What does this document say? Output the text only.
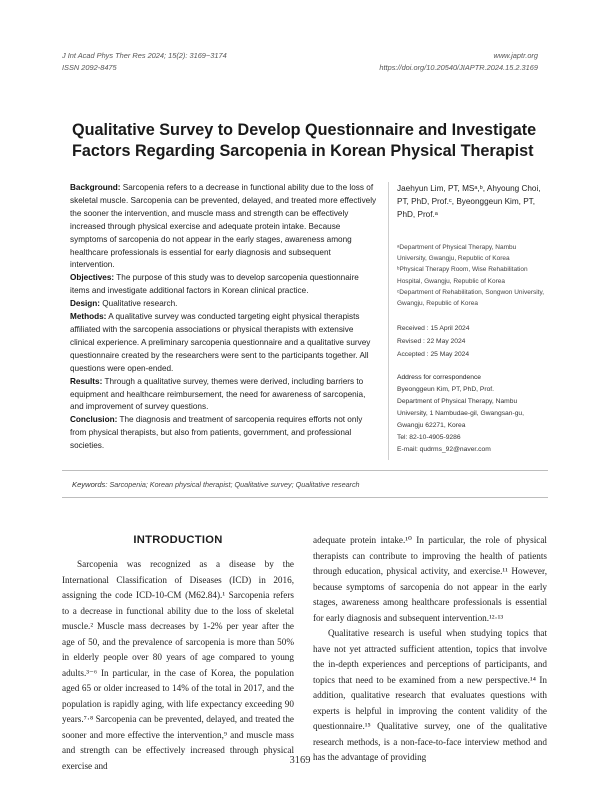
J Int Acad Phys Ther Res 2024; 15(2): 3169~3174
ISSN 2092-8475
www.japtr.org
https://doi.org/10.20540/JIAPTR.2024.15.2.3169
Qualitative Survey to Develop Questionnaire and Investigate Factors Regarding Sarcopenia in Korean Physical Therapist

Background: Sarcopenia refers to a decrease in functional ability due to the loss of skeletal muscle. Sarcopenia can be prevented, delayed, and treated more effectively the sooner the intervention, and muscle mass and strength can be effectively increased through physical exercise and adequate protein intake. Because symptoms of sarcopenia do not appear in the early stages, awareness among healthcare professionals is essential for early diagnosis and subsequent intervention.

Objectives: The purpose of this study was to develop sarcopenia questionnaire items and investigate additional factors in Korean clinical practice.

Design: Qualitative research.

Methods: A qualitative survey was conducted targeting eight physical therapists affiliated with the sarcopenia associations or physical therapists with extensive clinical experience. A preliminary sarcopenia questionnaire and a qualitative survey questionnaire created by the researchers were sent to the participants together. All questions were open-ended.

Results: Through a qualitative survey, themes were derived, including barriers to equipment and healthcare reimbursement, the need for awareness of sarcopenia, and improvement of survey questions.

Conclusion: The diagnosis and treatment of sarcopenia requires efforts not only from physical therapists, but also from patients, government, and professional societies.

Jaehyun Lim, PT, MSᵃ,ᵇ, Ahyoung Choi, PT, PhD, Prof.ᶜ, Byeonggeun Kim, PT, PhD, Prof.ᵃ

ᵃDepartment of Physical Therapy, Nambu University, Gwangju, Republic of Korea
ᵇPhysical Therapy Room, Wise Rehabilitation Hospital, Gwangju, Republic of Korea
ᶜDepartment of Rehabilitation, Songwon University, Gwangju, Republic of Korea
Received : 15 April 2024
Revised : 22 May 2024
Accepted : 25 May 2024
Address for correspondence
Byeonggeun Kim, PT, PhD, Prof.
Department of Physical Therapy, Nambu University, 1 Nambudae-gil, Gwangsan-gu, Gwangju 62271, Korea
Tel: 82-10-4905-9286
E-mail: qudrms_92@naver.com
Keywords: Sarcopenia; Korean physical therapist; Qualitative survey; Qualitative research
INTRODUCTION

Sarcopenia was recognized as a disease by the International Classification of Diseases (ICD) in 2016, assigning the code ICD-10-CM (M62.84).¹ Sarcopenia refers to a decrease in functional ability due to the loss of skeletal muscle.² Muscle mass decreases by 1-2% per year after the age of 50, and the prevalence of sarcopenia is more than 50% in elderly people over 80 years of age compared to young adults.³⁻⁶ In particular, in the case of Korea, the population aged 65 or older increased to 14% of the total in 2017, and the population is rapidly aging, with life expectancy exceeding 90 years.⁷·⁸ Sarcopenia can be prevented, delayed, and treated the sooner and more effective the intervention,⁹ and muscle mass and strength can be effectively increased through physical exercise and

adequate protein intake.¹⁰ In particular, the role of physical therapists can contribute to improving the health of patients through education, physical activity, and exercise.¹¹ However, because symptoms of sarcopenia do not appear in the early stages, awareness among healthcare professionals is essential for early diagnosis and subsequent intervention.¹²·¹³

Qualitative research is useful when studying topics that have not yet attracted sufficient attention, topics that involve the in-depth experiences and perceptions of participants, and topics that need to be examined from a new perspective.¹⁴ In addition, qualitative research that evaluates questions with experts is helpful in improving the content validity of the questionnaire.¹⁵ Qualitative survey, one of the qualitative research methods, is a non-face-to-face interview method and has the advantage of providing

3169
